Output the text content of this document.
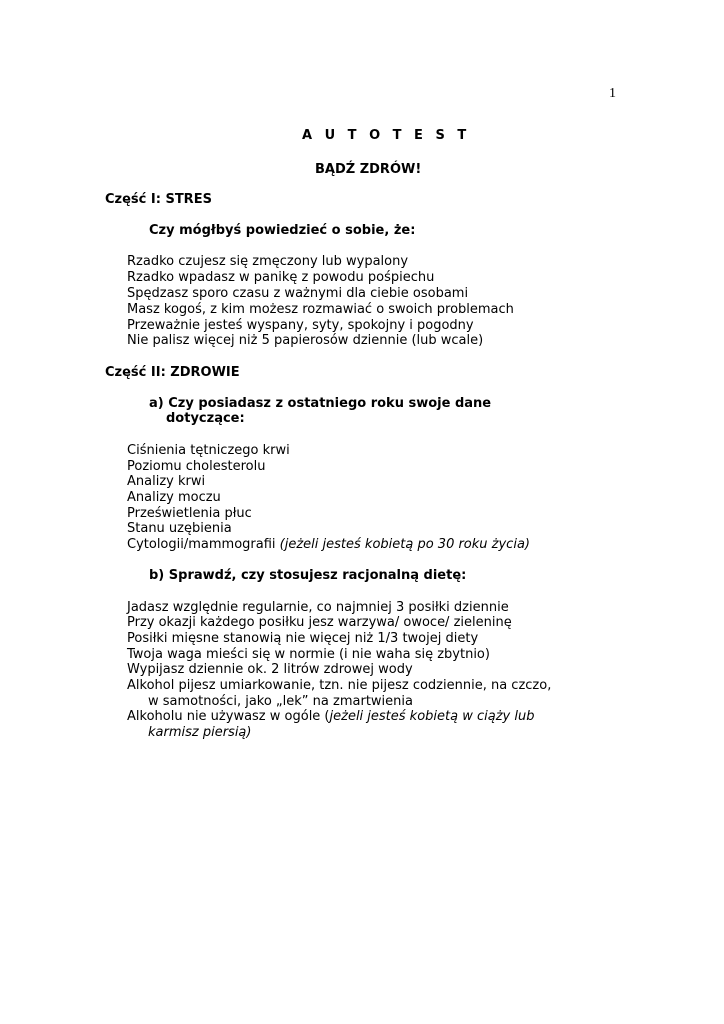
1
A U T O T E S T
BĄDŹ ZDRÓW!
Część I: STRES
Czy mógłbyś powiedzieć o sobie, że:
Rzadko czujesz się zmęczony lub wypalony
Rzadko wpadasz w panikę z powodu pośpiechu
Spędzasz sporo czasu z ważnymi dla ciebie osobami
Masz kogoś, z kim możesz rozmawiać o swoich problemach
Przeważnie jesteś wyspany, syty, spokojny i pogodny
Nie palisz więcej niż 5 papierosów dziennie (lub wcale)
Część II: ZDROWIE
a) Czy posiadasz z ostatniego roku swoje dane
dotyczące:
Ciśnienia tętniczego krwi
Poziomu cholesterolu
Analizy krwi
Analizy moczu
Prześwietlenia płuc
Stanu uzębienia
Cytologii/mammografii (jeżeli jesteś kobietą po 30 roku życia)
b) Sprawdź, czy stosujesz racjonalną dietę:
Jadasz względnie regularnie, co najmniej 3 posiłki dziennie
Przy okazji każdego posiłku jesz warzywa/ owoce/ zieleninę
Posiłki mięsne stanowią nie więcej niż 1/3 twojej diety
Twoja waga mieści się w normie (i nie waha się zbytnio)
Wypijasz dziennie ok. 2 litrów zdrowej wody
Alkohol pijesz umiarkowanie, tzn. nie pijesz codziennie, na czczo,
w samotności, jako „lek” na zmartwienia
Alkoholu nie używasz w ogóle (jeżeli jesteś kobietą w ciąży lub
karmisz piersią)
